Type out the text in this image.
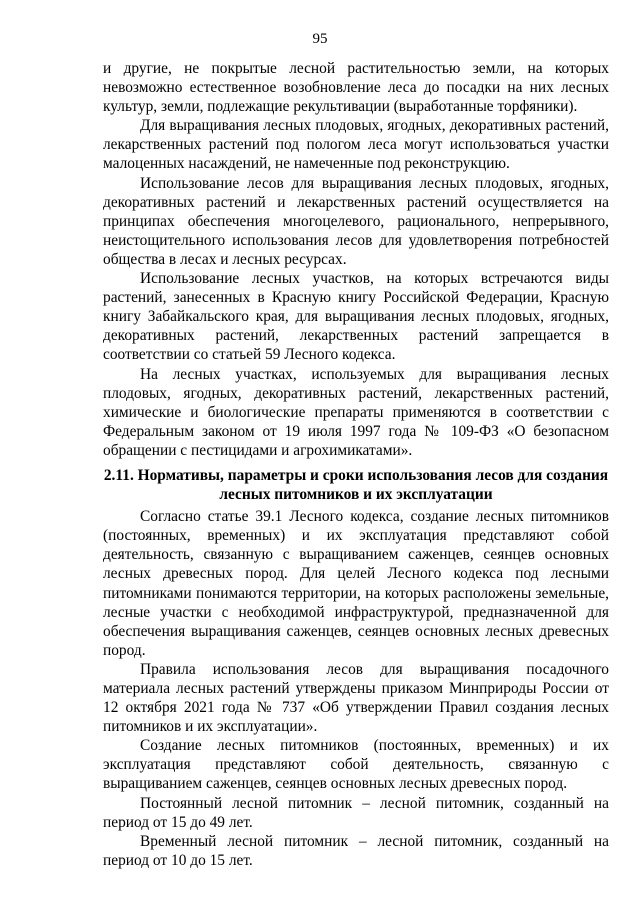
95

и другие, не покрытые лесной растительностью земли, на которых невозможно естественное возобновление леса до посадки на них лесных культур, земли, подлежащие рекультивации (выработанные торфяники).

Для выращивания лесных плодовых, ягодных, декоративных растений, лекарственных растений под пологом леса могут использоваться участки малоценных насаждений, не намеченные под реконструкцию.

Использование лесов для выращивания лесных плодовых, ягодных, декоративных растений и лекарственных растений осуществляется на принципах обеспечения многоцелевого, рационального, непрерывного, неистощительного использования лесов для удовлетворения потребностей общества в лесах и лесных ресурсах.

Использование лесных участков, на которых встречаются виды растений, занесенных в Красную книгу Российской Федерации, Красную книгу Забайкальского края, для выращивания лесных плодовых, ягодных, декоративных растений, лекарственных растений запрещается в соответствии со статьей 59 Лесного кодекса.

На лесных участках, используемых для выращивания лесных плодовых, ягодных, декоративных растений, лекарственных растений, химические и биологические препараты применяются в соответствии с Федеральным законом от 19 июля 1997 года № 109-ФЗ «О безопасном обращении с пестицидами и агрохимикатами».

2.11. Нормативы, параметры и сроки использования лесов для создания
лесных питомников и их эксплуатации

Согласно статье 39.1 Лесного кодекса, создание лесных питомников (постоянных, временных) и их эксплуатация представляют собой деятельность, связанную с выращиванием саженцев, сеянцев основных лесных древесных пород. Для целей Лесного кодекса под лесными питомниками понимаются территории, на которых расположены земельные, лесные участки с необходимой инфраструктурой, предназначенной для обеспечения выращивания саженцев, сеянцев основных лесных древесных пород.

Правила использования лесов для выращивания посадочного материала лесных растений утверждены приказом Минприроды России от 12 октября 2021 года № 737 «Об утверждении Правил создания лесных питомников и их эксплуатации».

Создание лесных питомников (постоянных, временных) и их эксплуатация представляют собой деятельность, связанную с выращиванием саженцев, сеянцев основных лесных древесных пород.

Постоянный лесной питомник – лесной питомник, созданный на период от 15 до 49 лет.

Временный лесной питомник – лесной питомник, созданный на период от 10 до 15 лет.
